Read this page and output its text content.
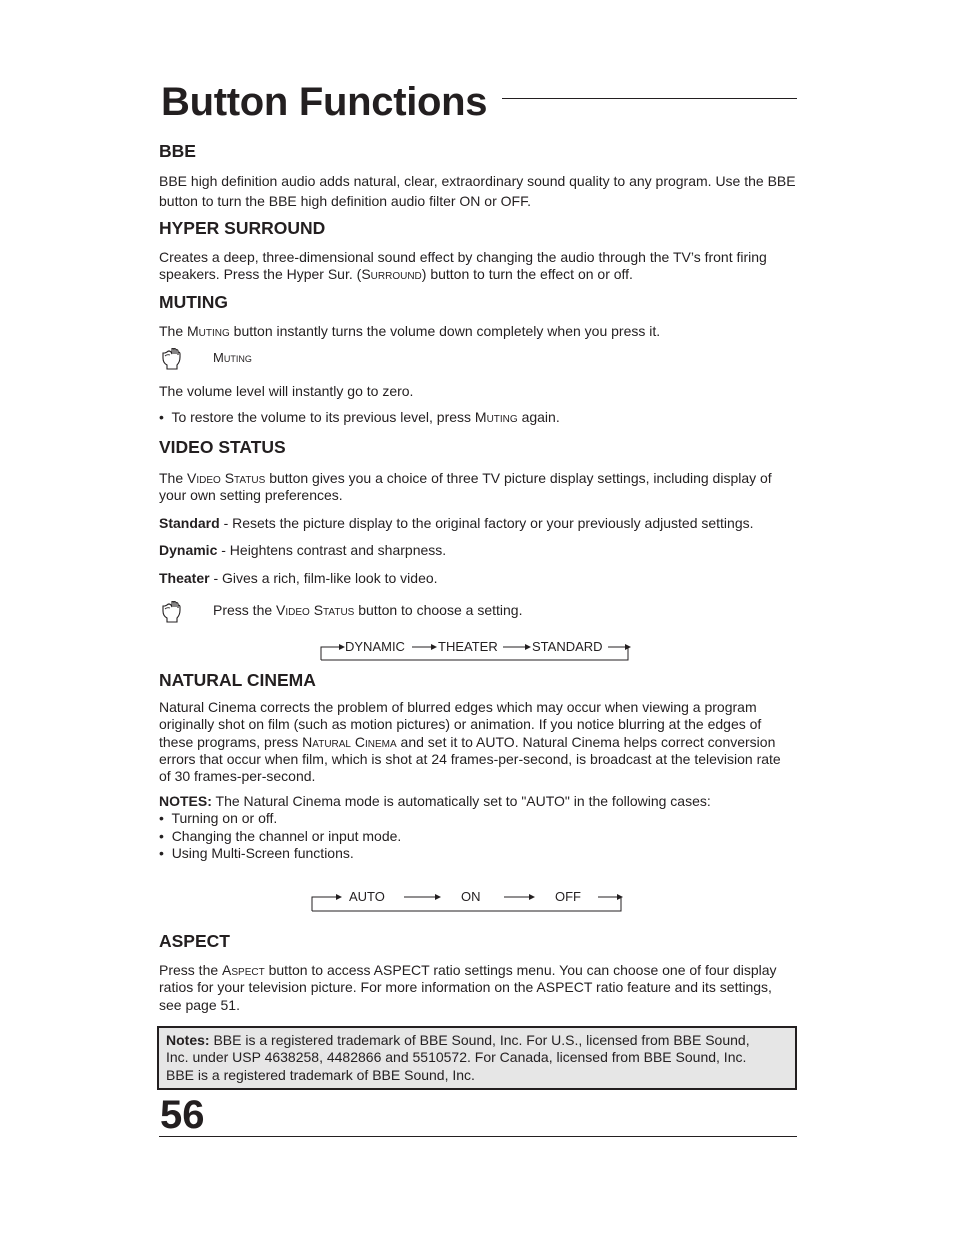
Button Functions
BBE

BBE high definition audio adds natural, clear, extraordinary sound quality to any program. Use the BBE button to turn the BBE high definition audio filter ON or OFF.

HYPER SURROUND

Creates a deep, three-dimensional sound effect by changing the audio through the TV’s front firing speakers. Press the Hyper Sur. (Surround) button to turn the effect on or off.

MUTING

The Muting button instantly turns the volume down completely when you press it.

Muting

The volume level will instantly go to zero.

•  To restore the volume to its previous level, press Muting again.

VIDEO STATUS

The Video Status button gives you a choice of three TV picture display settings, including display of your own setting preferences.

Standard - Resets the picture display to the original factory or your previously adjusted settings.

Dynamic - Heightens contrast and sharpness.

Theater - Gives a rich, film-like look to video.

Press the Video Status button to choose a setting.

DYNAMIC	THEATER	STANDARD
NATURAL CINEMA

Natural Cinema corrects the problem of blurred edges which may occur when viewing a program originally shot on film (such as motion pictures) or animation. If you notice blurring at the edges of these programs, press Natural Cinema and set it to AUTO. Natural Cinema helps correct conversion errors that occur when film, which is shot at 24 frames-per-second, is broadcast at the television rate of 30 frames-per-second.

NOTES: The Natural Cinema mode is automatically set to "AUTO" in the following cases:

•  Turning on or off.

•  Changing the channel or input mode.

•  Using Multi-Screen functions.

AUTO	ON	OFF
ASPECT

Press the Aspect button to access ASPECT ratio settings menu. You can choose one of four display ratios for your television picture. For more information on the ASPECT ratio feature and its settings, see page 51.

Notes: BBE is a registered trademark of BBE Sound, Inc. For U.S., licensed from BBE Sound, Inc. under USP 4638258, 4482866 and 5510572. For Canada, licensed from BBE Sound, Inc. BBE is a registered trademark of BBE Sound, Inc.

56
